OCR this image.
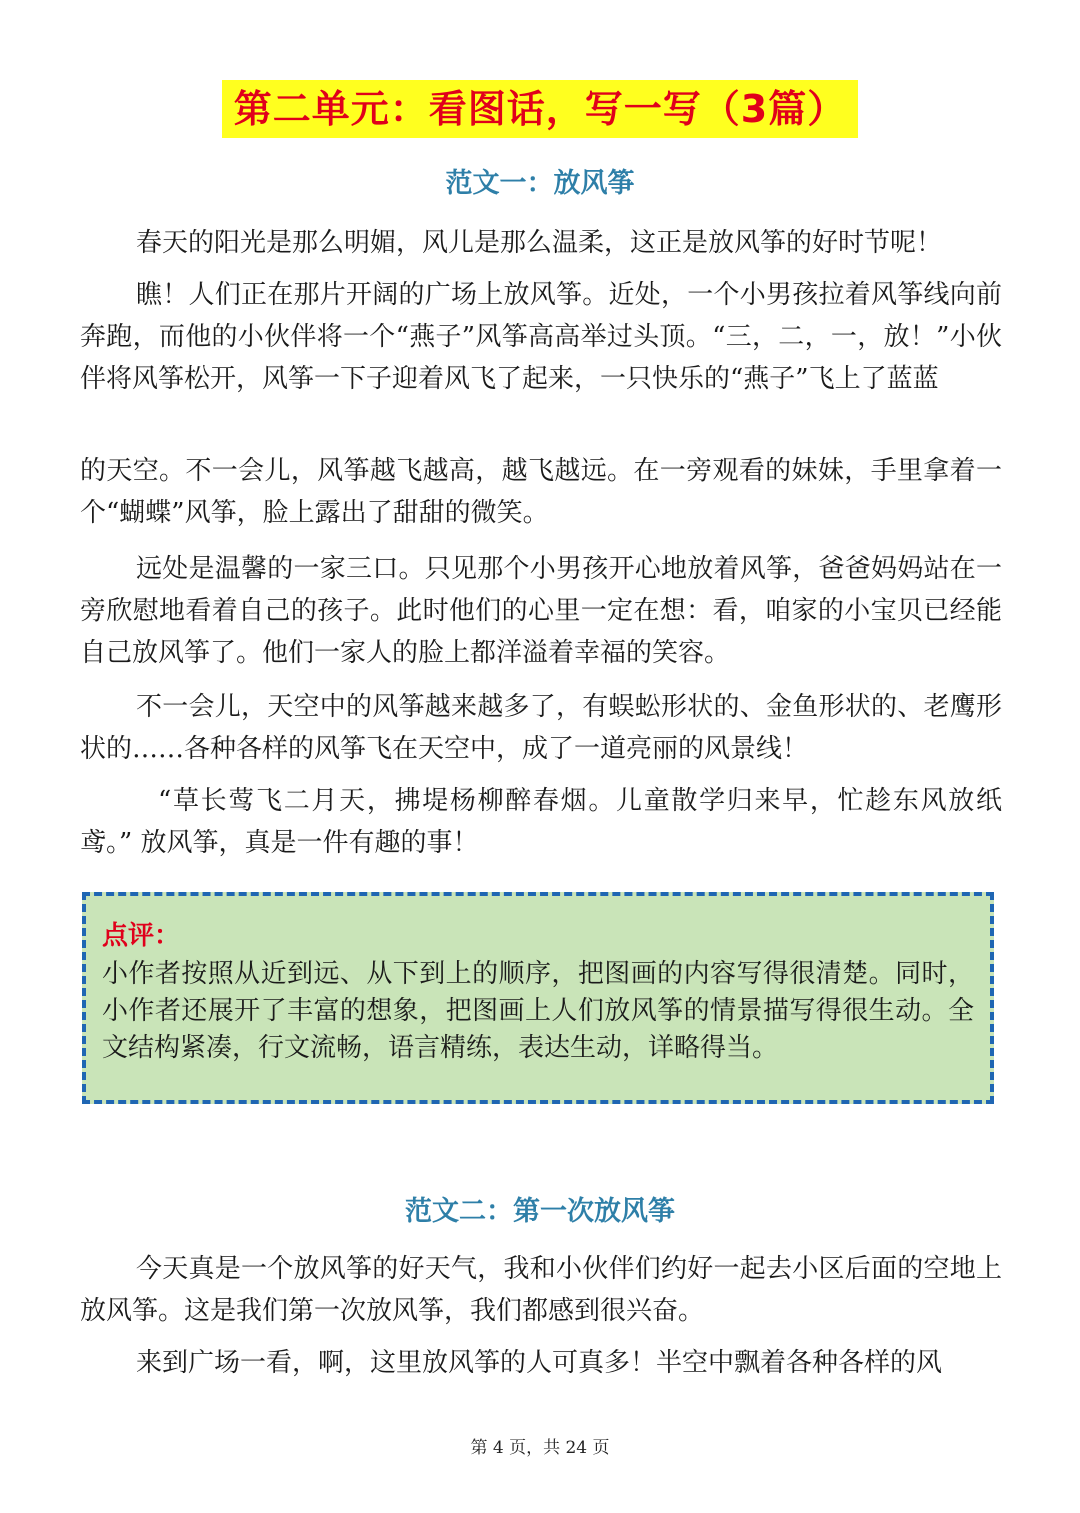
第二单元：看图话，写一写（3篇）
范文一：放风筝

春天的阳光是那么明媚，风儿是那么温柔，这正是放风筝的好时节呢！

瞧！人们正在那片开阔的广场上放风筝。近处，一个小男孩拉着风筝线向前奔跑，而他的小伙伴将一个“燕子”风筝高高举过头顶。“三，二，一，放！”小伙伴将风筝松开，风筝一下子迎着风飞了起来，一只快乐的“燕子”飞上了蓝蓝

的天空。不一会儿，风筝越飞越高，越飞越远。在一旁观看的妹妹，手里拿着一个“蝴蝶”风筝，脸上露出了甜甜的微笑。

远处是温馨的一家三口。只见那个小男孩开心地放着风筝，爸爸妈妈站在一旁欣慰地看着自己的孩子。此时他们的心里一定在想：看，咱家的小宝贝已经能自己放风筝了。他们一家人的脸上都洋溢着幸福的笑容。

不一会儿，天空中的风筝越来越多了，有蜈蚣形状的、金鱼形状的、老鹰形状的……各种各样的风筝飞在天空中，成了一道亮丽的风景线！

“草长莺飞二月天，拂堤杨柳醉春烟。儿童散学归来早，忙趁东风放纸鸢。” 放风筝，真是一件有趣的事！

点评：
小作者按照从近到远、从下到上的顺序，把图画的内容写得很清楚。同时，小作者还展开了丰富的想象，把图画上人们放风筝的情景描写得很生动。全文结构紧凑，行文流畅，语言精练，表达生动，详略得当。
范文二：第一次放风筝

今天真是一个放风筝的好天气，我和小伙伴们约好一起去小区后面的空地上放风筝。这是我们第一次放风筝，我们都感到很兴奋。

来到广场一看，啊，这里放风筝的人可真多！半空中飘着各种各样的风

第 4 页，共 24 页
